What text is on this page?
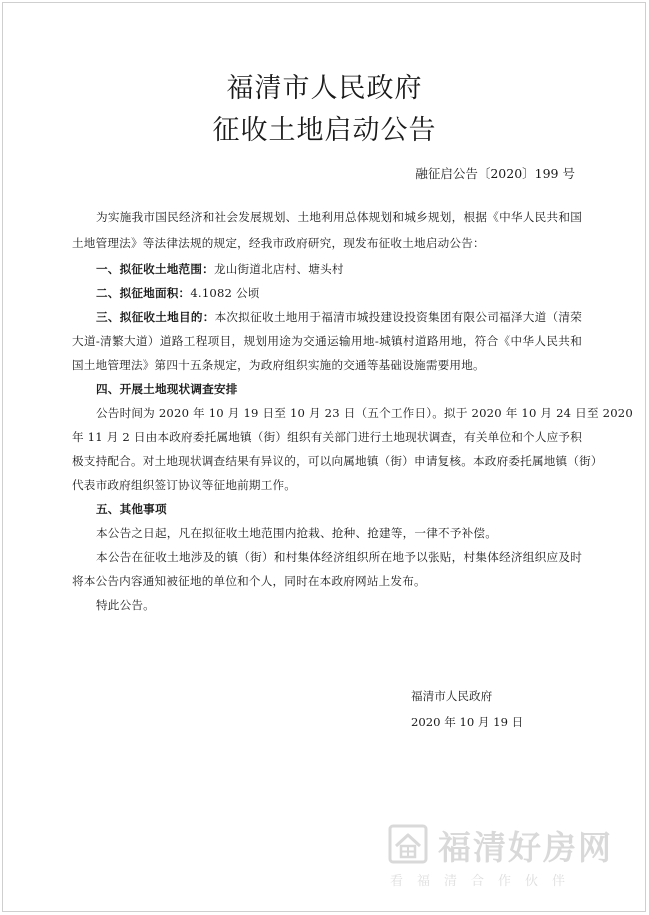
福清市人民政府
征收土地启动公告
融征启公告〔2020〕199 号
为实施我市国民经济和社会发展规划、土地利用总体规划和城乡规划，根据《中华人民共和国
土地管理法》等法律法规的规定，经我市政府研究，现发布征收土地启动公告：
一、拟征收土地范围：龙山街道北店村、塘头村
二、拟征地面积：4.1082 公顷
三、拟征收土地目的：本次拟征收土地用于福清市城投建设投资集团有限公司福泽大道（清荣
大道-清繁大道）道路工程项目，规划用途为交通运输用地-城镇村道路用地，符合《中华人民共和
国土地管理法》第四十五条规定，为政府组织实施的交通等基础设施需要用地。
四、开展土地现状调查安排
公告时间为 2020 年 10 月 19 日至 10 月 23 日（五个工作日）。拟于 2020 年 10 月 24 日至 2020
年 11 月 2 日由本政府委托属地镇（街）组织有关部门进行土地现状调查，有关单位和个人应予积
极支持配合。对土地现状调查结果有异议的，可以向属地镇（街）申请复核。本政府委托属地镇（街）
代表市政府组织签订协议等征地前期工作。
五、其他事项
本公告之日起，凡在拟征收土地范围内抢栽、抢种、抢建等，一律不予补偿。
本公告在征收土地涉及的镇（街）和村集体经济组织所在地予以张贴，村集体经济组织应及时
将本公告内容通知被征地的单位和个人，同时在本政府网站上发布。
特此公告。
福清市人民政府
2020 年 10 月 19 日
福清好房网
看福清合作伙伴
